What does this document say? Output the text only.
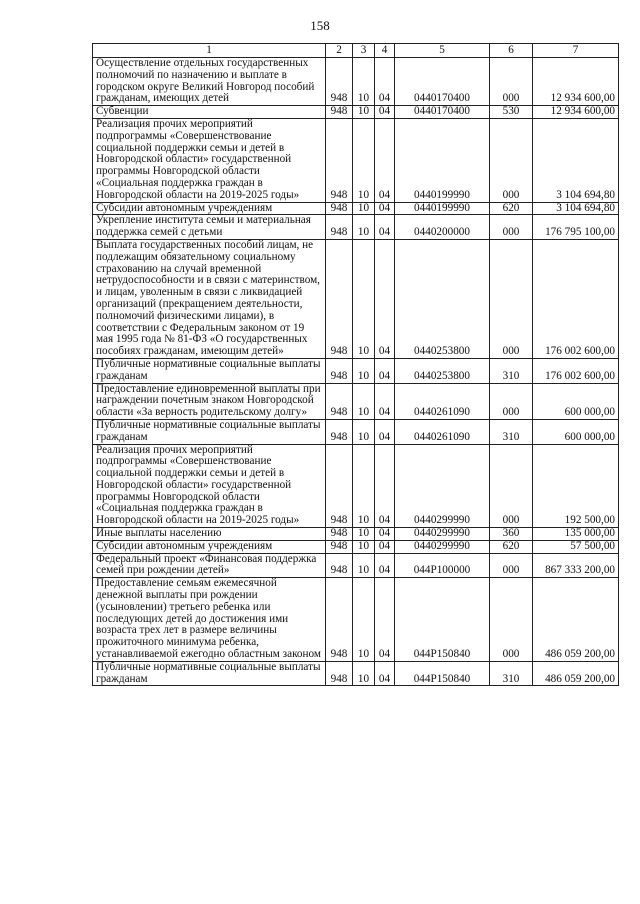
158
1	2	3	4	5	6	7
Осуществление отдельных государственных полномочий по назначению и выплате в городском округе Великий Новгород пособий гражданам, имеющих детей	948	10	04	0440170400	000	12 934 600,00
Субвенции	948	10	04	0440170400	530	12 934 600,00
Реализация прочих мероприятий подпрограммы «Совершенствование социальной поддержки семьи и детей в Новгородской области» государственной программы Новгородской области «Социальная поддержка граждан в Новгородской области на 2019-2025 годы»	948	10	04	0440199990	000	3 104 694,80
Субсидии автономным учреждениям	948	10	04	0440199990	620	3 104 694,80
Укрепление института семьи и материальная поддержка семей с детьми	948	10	04	0440200000	000	176 795 100,00
Выплата государственных пособий лицам, не подлежащим обязательному социальному страхованию на случай временной нетрудоспособности и в связи с материнством, и лицам, уволенным в связи с ликвидацией организаций (прекращением деятельности, полномочий физическими лицами), в соответствии с Федеральным законом от 19 мая 1995 года № 81-ФЗ «О государственных пособиях гражданам, имеющим детей»	948	10	04	0440253800	000	176 002 600,00
Публичные нормативные социальные выплаты гражданам	948	10	04	0440253800	310	176 002 600,00
Предоставление единовременной выплаты при награждении почетным знаком Новгородской области «За верность родительскому долгу»	948	10	04	0440261090	000	600 000,00
Публичные нормативные социальные выплаты гражданам	948	10	04	0440261090	310	600 000,00
Реализация прочих мероприятий подпрограммы «Совершенствование социальной поддержки семьи и детей в Новгородской области» государственной программы Новгородской области «Социальная поддержка граждан в Новгородской области на 2019-2025 годы»	948	10	04	0440299990	000	192 500,00
Иные выплаты населению	948	10	04	0440299990	360	135 000,00
Субсидии автономным учреждениям	948	10	04	0440299990	620	57 500,00
Федеральный проект «Финансовая поддержка семей при рождении детей»	948	10	04	044P100000	000	867 333 200,00
Предоставление семьям ежемесячной денежной выплаты при рождении (усыновлении) третьего ребенка или последующих детей до достижения ими возраста трех лет в размере величины прожиточного минимума ребенка, устанавливаемой ежегодно областным законом	948	10	04	044P150840	000	486 059 200,00
Публичные нормативные социальные выплаты гражданам	948	10	04	044P150840	310	486 059 200,00
